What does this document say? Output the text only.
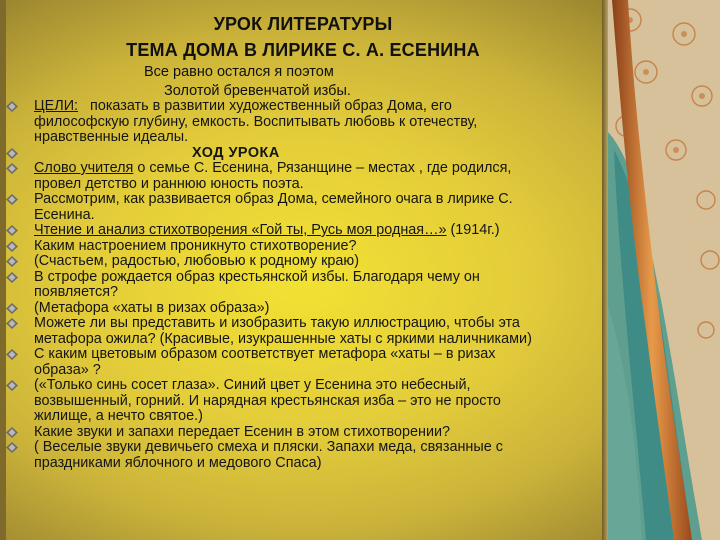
УРОК ЛИТЕРАТУРЫ
ТЕМА ДОМА В ЛИРИКЕ С. А. ЕСЕНИНА
Все равно остался я поэтом
Золотой бревенчатой избы.
ЦЕЛИ:   показать в развитии художественный образ Дома, его
философскую глубину, емкость. Воспитывать любовь к отечеству,
нравственные идеалы.
ХОД УРОКА
Слово учителя о семье С. Есенина, Рязанщине – местах , где родился,
провел детство и раннюю юность поэта.
Рассмотрим, как развивается образ Дома, семейного очага в лирике С.
Есенина.
Чтение и анализ стихотворения «Гой ты, Русь моя родная…» (1914г.)
Каким настроением проникнуто стихотворение?
(Счастьем, радостью, любовью к родному краю)
В строфе рождается образ крестьянской избы. Благодаря чему он
появляется?
(Метафора «хаты в ризах образа»)
Можете ли вы представить и изобразить такую иллюстрацию, чтобы эта
метафора ожила? (Красивые, изукрашенные хаты с яркими наличниками)
С каким цветовым образом соответствует метафора «хаты – в ризах
образа» ?
(«Только синь сосет глаза». Синий цвет у Есенина это небесный,
возвышенный, горний. И нарядная крестьянская изба – это не просто
жилище, а нечто святое.)
Какие звуки и запахи передает Есенин в этом стихотворении?
( Веселые звуки девичьего смеха и пляски. Запахи меда, связанные с
праздниками яблочного и медового Спаса)
